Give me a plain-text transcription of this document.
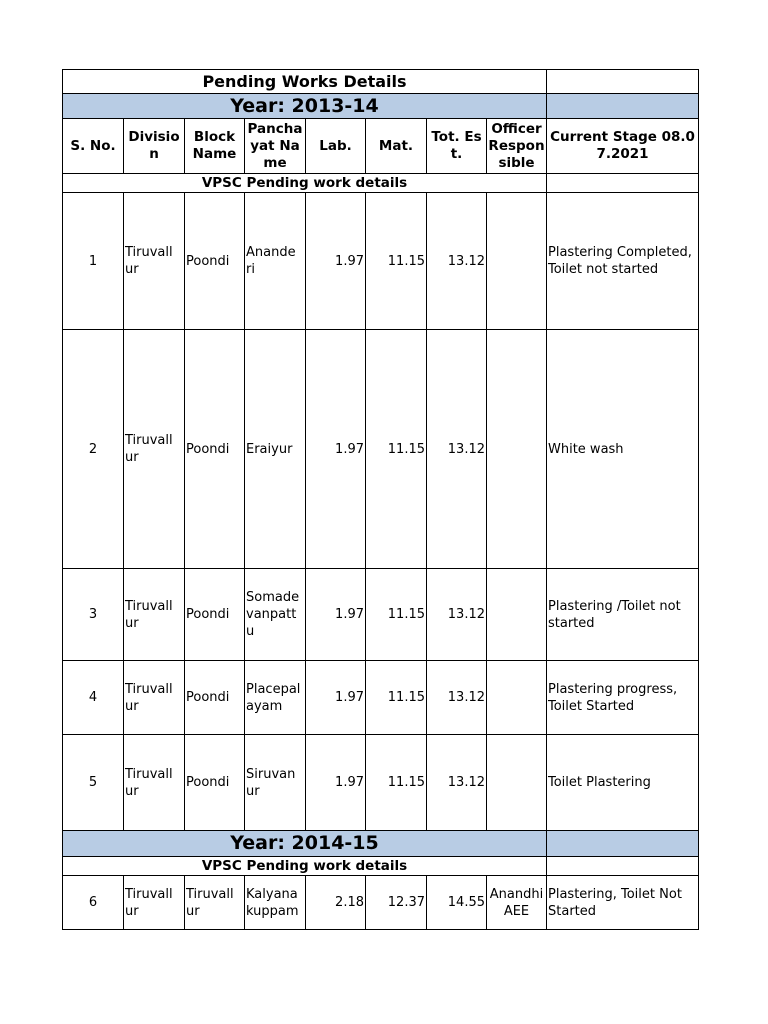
Pending Works Details								
Year: 2013-14								
S. No.	Divisio n	Block Name	Pancha yat Name	Lab.	Mat.	Tot. Est.	Officer Respon sible	Current Stage 08.07.2021
VPSC Pending work details								
1	Tiruvall ur	Poondi	Anande ri	1.97	11.15	13.12		Plastering Completed, Toilet not started
2	Tiruvall ur	Poondi	Eraiyur	1.97	11.15	13.12		White wash
3	Tiruvall ur	Poondi	Somade vanpatt u	1.97	11.15	13.12		Plastering /Toilet not started
4	Tiruvall ur	Poondi	Placepal ayam	1.97	11.15	13.12		Plastering progress, Toilet Started
5	Tiruvall ur	Poondi	Siruvan ur	1.97	11.15	13.12		Toilet Plastering
Year: 2014-15								
VPSC Pending work details								
6	Tiruvall ur	Tiruvall ur	Kalyana kuppam	2.18	12.37	14.55	Anandhi AEE	Plastering, Toilet Not Started
